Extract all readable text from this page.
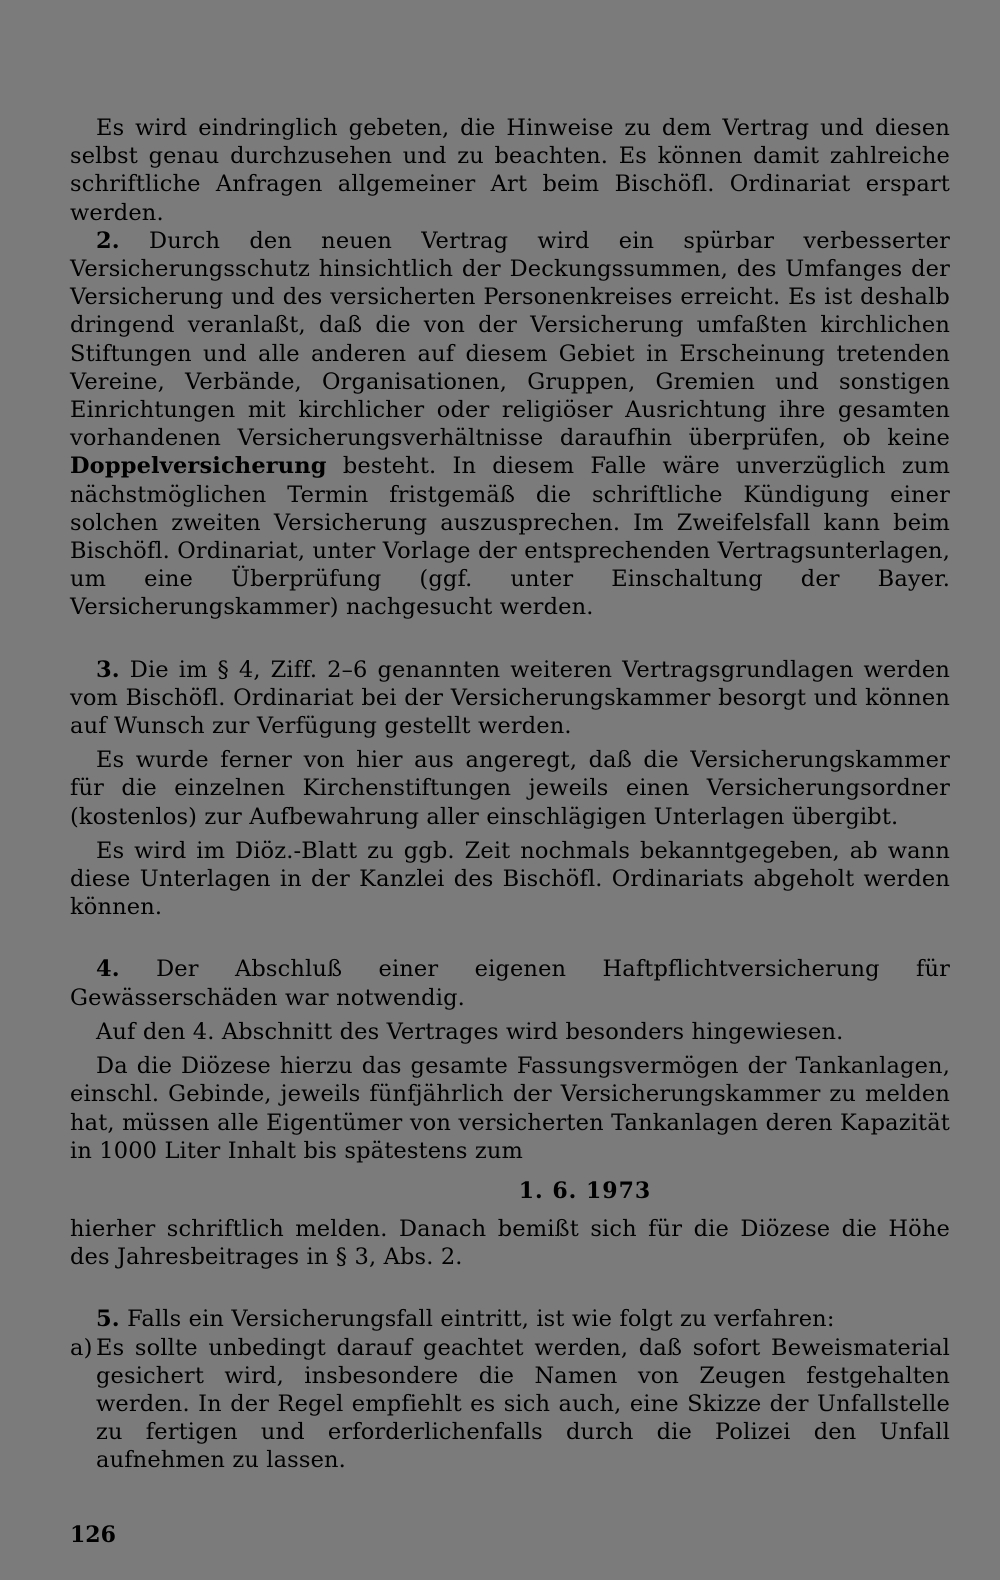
Es wird eindringlich gebeten, die Hinweise zu dem Vertrag und diesen selbst genau durchzusehen und zu beachten. Es können damit zahlreiche schriftliche Anfragen allgemeiner Art beim Bischöfl. Ordinariat erspart werden.

2. Durch den neuen Vertrag wird ein spürbar verbesserter Versicherungsschutz hinsichtlich der Deckungssummen, des Umfanges der Versicherung und des versicherten Personenkreises erreicht. Es ist deshalb dringend veranlaßt, daß die von der Versicherung umfaßten kirchlichen Stiftungen und alle anderen auf diesem Gebiet in Erscheinung tretenden Vereine, Verbände, Organisationen, Gruppen, Gremien und sonstigen Einrichtungen mit kirchlicher oder religiöser Ausrichtung ihre gesamten vorhandenen Versicherungsverhältnisse daraufhin überprüfen, ob keine Doppelversicherung besteht. In diesem Falle wäre unverzüglich zum nächstmöglichen Termin fristgemäß die schriftliche Kündigung einer solchen zweiten Versicherung auszusprechen. Im Zweifelsfall kann beim Bischöfl. Ordinariat, unter Vorlage der entsprechenden Vertragsunterlagen, um eine Überprüfung (ggf. unter Einschaltung der Bayer. Versicherungskammer) nachgesucht werden.

3. Die im § 4, Ziff. 2–6 genannten weiteren Vertragsgrundlagen werden vom Bischöfl. Ordinariat bei der Versicherungskammer besorgt und können auf Wunsch zur Verfügung gestellt werden.

Es wurde ferner von hier aus angeregt, daß die Versicherungskammer für die einzelnen Kirchenstiftungen jeweils einen Versicherungsordner (kostenlos) zur Aufbewahrung aller einschlägigen Unterlagen übergibt.

Es wird im Diöz.-Blatt zu ggb. Zeit nochmals bekanntgegeben, ab wann diese Unterlagen in der Kanzlei des Bischöfl. Ordinariats abgeholt werden können.

4. Der Abschluß einer eigenen Haftpflichtversicherung für Gewässerschäden war notwendig.

Auf den 4. Abschnitt des Vertrages wird besonders hingewiesen.

Da die Diözese hierzu das gesamte Fassungsvermögen der Tankanlagen, einschl. Gebinde, jeweils fünfjährlich der Versicherungskammer zu melden hat, müssen alle Eigentümer von versicherten Tankanlagen deren Kapazität in 1000 Liter Inhalt bis spätestens zum

1. 6. 1973

hierher schriftlich melden. Danach bemißt sich für die Diözese die Höhe des Jahresbeitrages in § 3, Abs. 2.

5. Falls ein Versicherungsfall eintritt, ist wie folgt zu verfahren:

a) Es sollte unbedingt darauf geachtet werden, daß sofort Beweismaterial gesichert wird, insbesondere die Namen von Zeugen festgehalten werden. In der Regel empfiehlt es sich auch, eine Skizze der Unfallstelle zu fertigen und erforderlichenfalls durch die Polizei den Unfall aufnehmen zu lassen.
126
